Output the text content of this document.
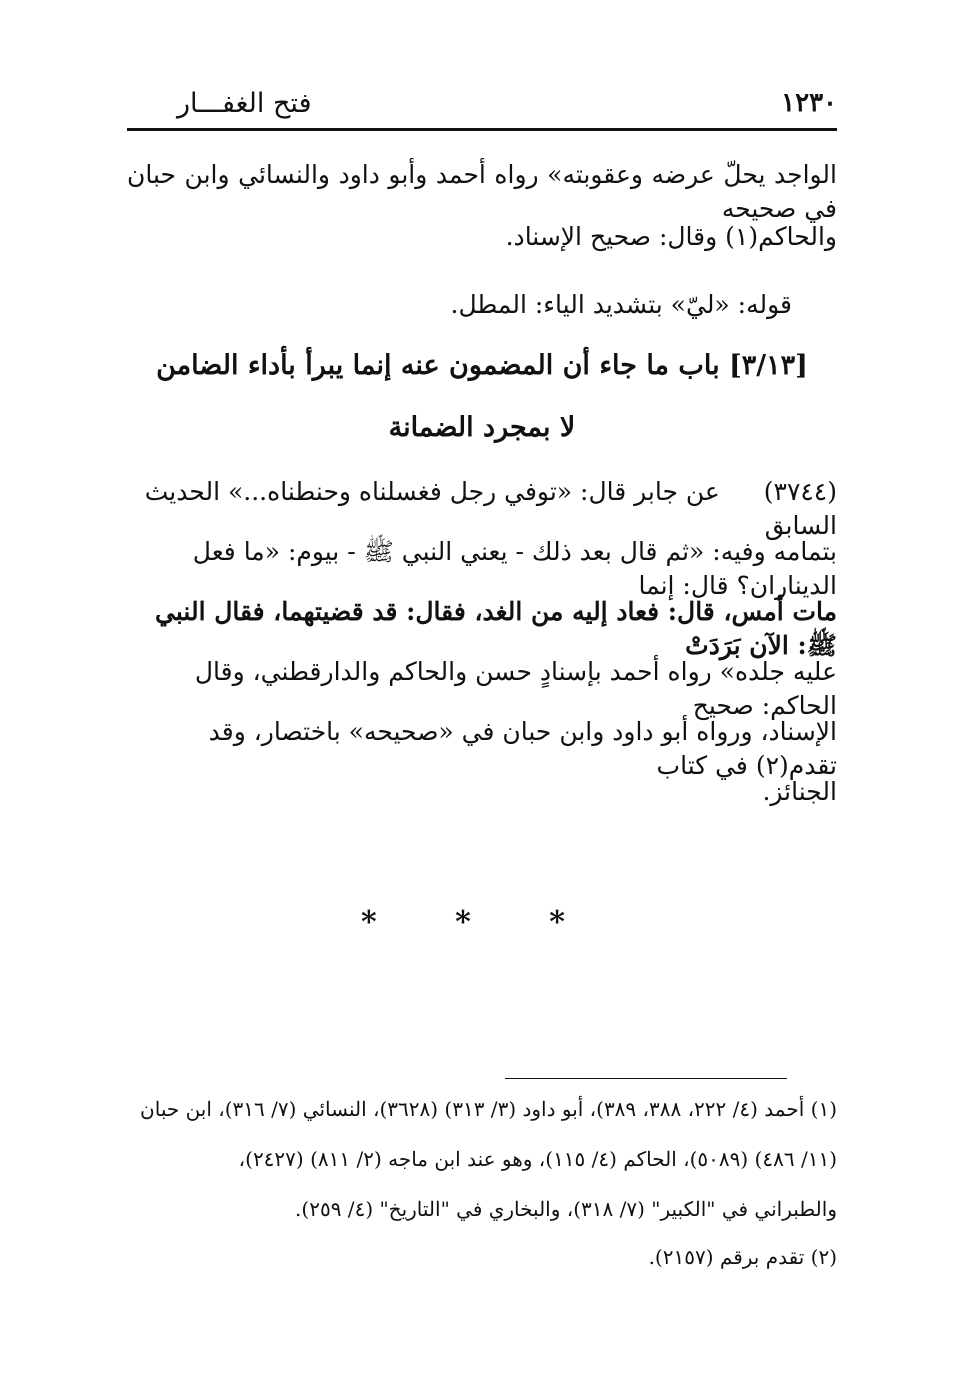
١٢٣٠
فتح الغفـــار

الواجد يحلّ عرضه وعقوبته» رواه أحمد وأبو داود والنسائي وابن حبان في صحيحه

والحاكم(١) وقال: صحيح الإسناد.

قوله: «ليّ» بتشديد الياء: المطل.

[٣/١٣] باب ما جاء أن المضمون عنه إنما يبرأ بأداء الضامن
لا بمجرد الضمانة

(٣٧٤٤)  عن جابر قال: «توفي رجل فغسلناه وحنطناه...» الحديث السابق

بتمامه وفيه: «ثم قال بعد ذلك - يعني النبي ﷺ - بيوم: «ما فعل الديناران؟ قال: إنما

مات أمس، قال: فعاد إليه من الغد، فقال: قد قضيتهما، فقال النبي ﷺ: الآن بَرَدَتْ

عليه جلده» رواه أحمد بإسنادٍ حسن والحاكم والدارقطني، وقال الحاكم: صحيح

الإسناد، ورواه أبو داود وابن حبان في «صحيحه» باختصار، وقد تقدم(٢) في كتاب

الجنائز.

* * *

(١) أحمد (٤/ ٢٢٢، ٣٨٨، ٣٨٩)، أبو داود (٣/ ٣١٣) (٣٦٢٨)، النسائي (٧/ ٣١٦)، ابن حبان

(١١/ ٤٨٦) (٥٠٨٩)، الحاكم (٤/ ١١٥)، وهو عند ابن ماجه (٢/ ٨١١) (٢٤٢٧)،

والطبراني في "الكبير" (٧/ ٣١٨)، والبخاري في "التاريخ" (٤/ ٢٥٩).

(٢) تقدم برقم (٢١٥٧).
